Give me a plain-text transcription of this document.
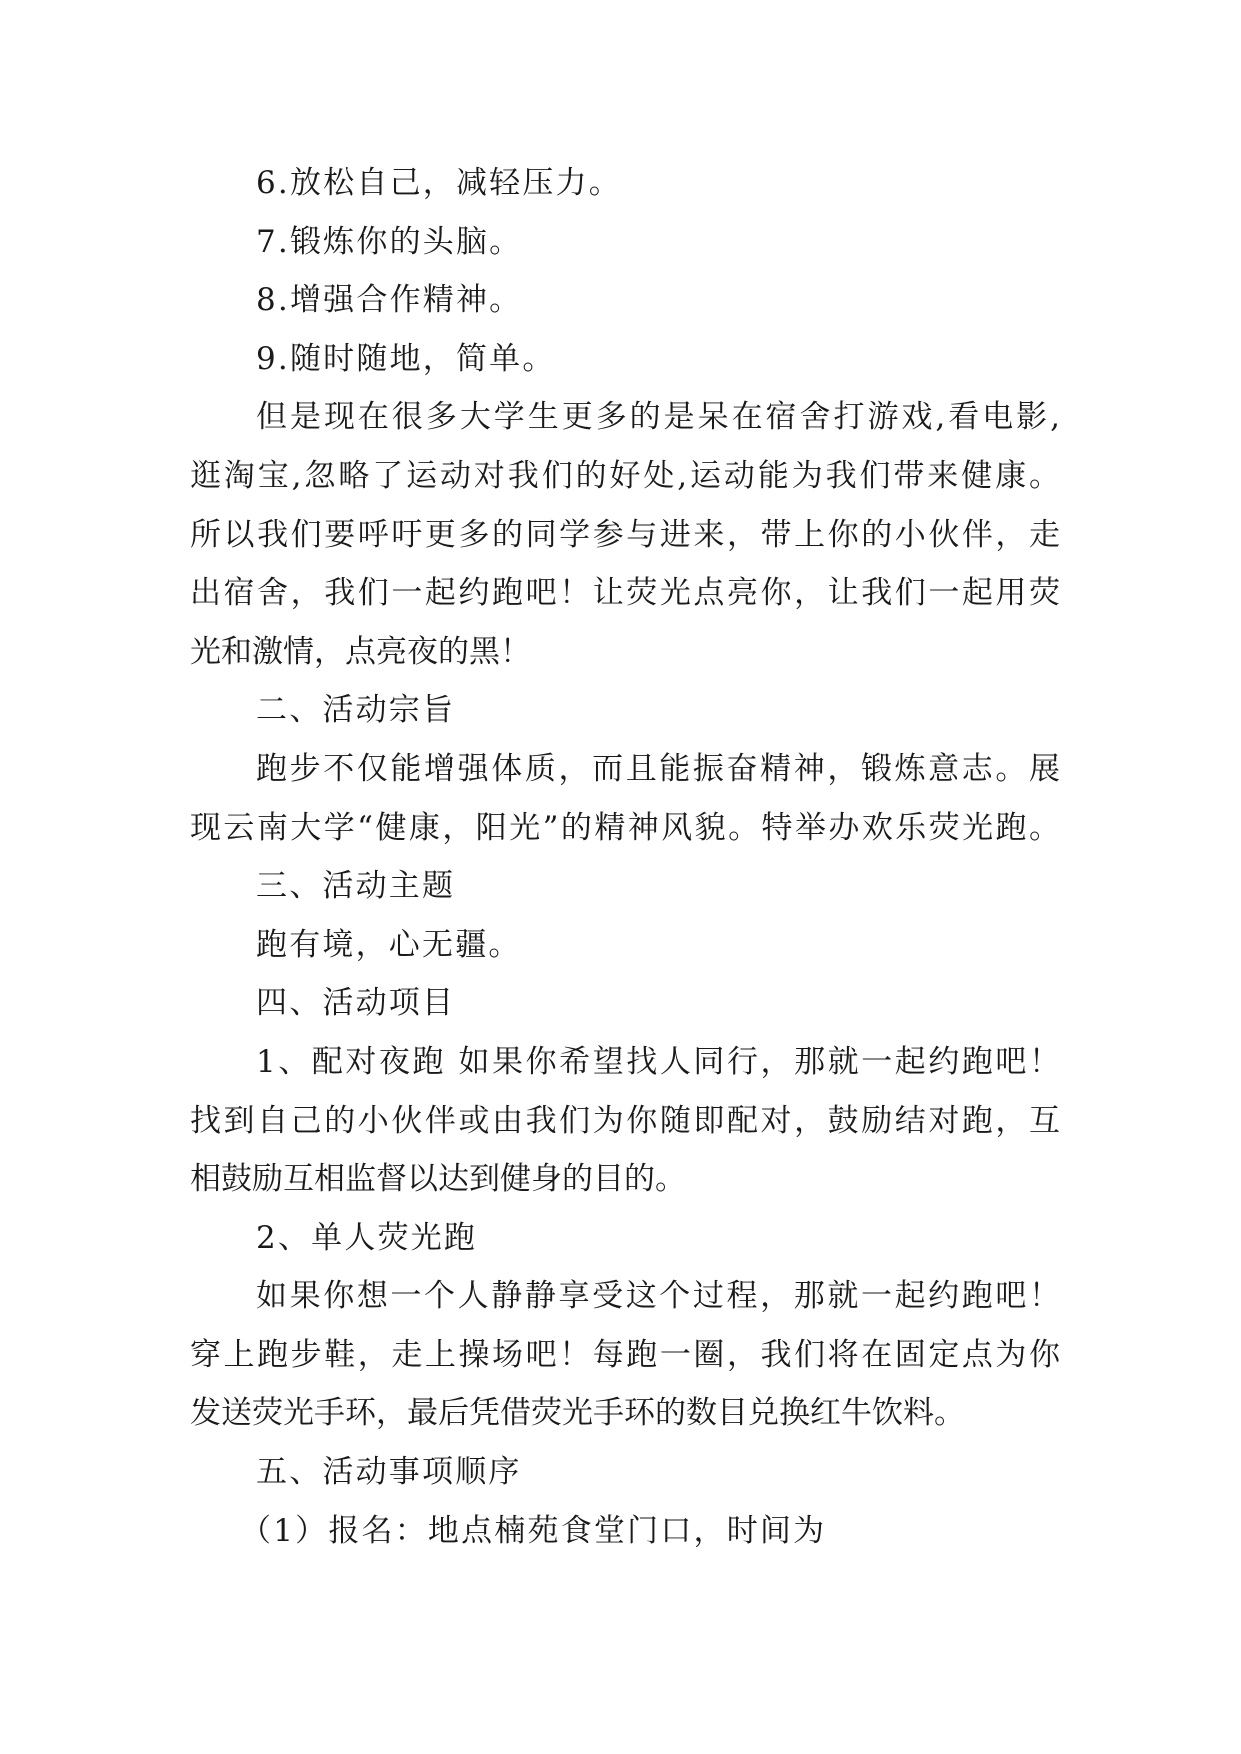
6.放松自己，减轻压力。
7.锻炼你的头脑。
8.增强合作精神。
9.随时随地，简单。
但是现在很多大学生更多的是呆在宿舍打游戏,看电影,
逛淘宝,忽略了运动对我们的好处,运动能为我们带来健康。
所以我们要呼吁更多的同学参与进来，带上你的小伙伴，走
出宿舍，我们一起约跑吧！让荧光点亮你，让我们一起用荧
光和激情，点亮夜的黑！
二、活动宗旨
跑步不仅能增强体质，而且能振奋精神，锻炼意志。展
现云南大学“健康，阳光”的精神风貌。特举办欢乐荧光跑。
三、活动主题
跑有境，心无疆。
四、活动项目
1、配对夜跑 如果你希望找人同行，那就一起约跑吧！
找到自己的小伙伴或由我们为你随即配对，鼓励结对跑，互
相鼓励互相监督以达到健身的目的。
2、单人荧光跑
如果你想一个人静静享受这个过程，那就一起约跑吧！
穿上跑步鞋，走上操场吧！每跑一圈，我们将在固定点为你
发送荧光手环，最后凭借荧光手环的数目兑换红牛饮料。
五、活动事项顺序
（1）报名：地点楠苑食堂门口，时间为
